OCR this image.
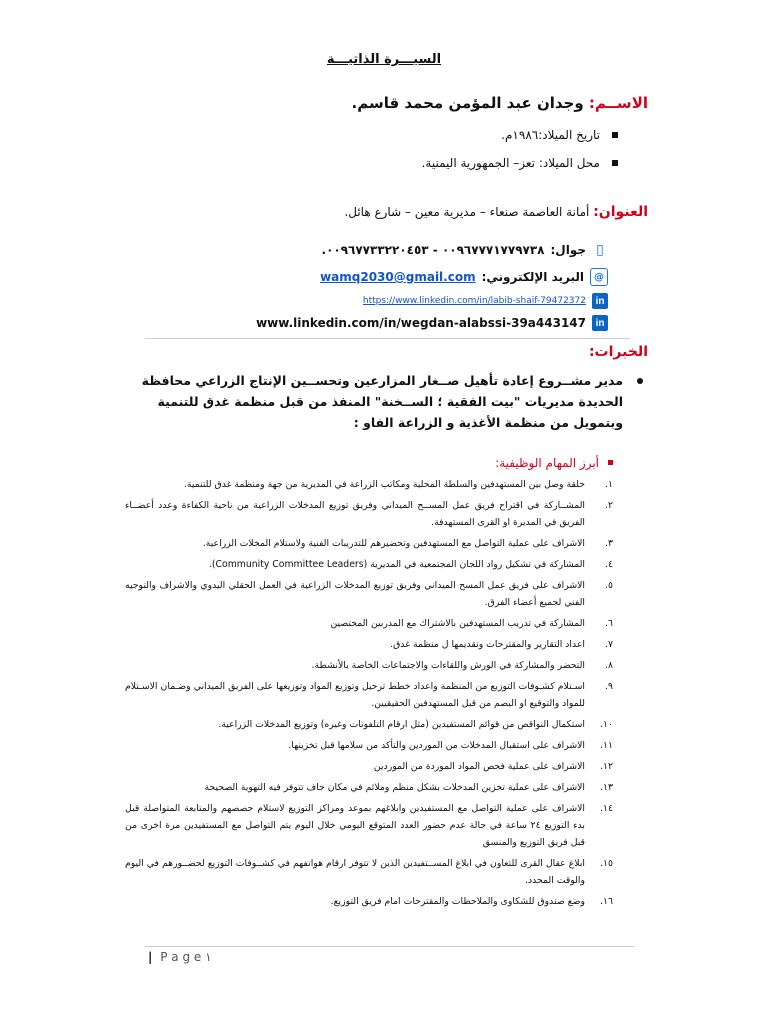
السيـــرة الذاتيـــة
الاســم: وجدان عبد المؤمن محمد قاسم.
تاريخ الميلاد:١٩٨٦م.
محل الميلاد: تعز– الجمهورية اليمنية.
العنوان: أمانة العاصمة صنعاء – مديرية معين – شارع هائل.
▯
جوال:
٠٠٩٦٧٧٧١٧٧٩٧٣٨ - ٠٠٩٦٧٧٣٣٢٢٠٤٥٣.
@
البريد الإلكتروني:
wamq2030@gmail.com
in
https://www.linkedin.com/in/labib-shaif-79472372
in
www.linkedin.com/in/wegdan-alabssi-39a443147
الخبرات:
مدير مشــروع إعادة تأهيل صــغار المزارعين وتحســين الإنتاج الزراعي محافظة الحديدة مديريات "بيت الفقية ؛ الســخنة" المنفذ من قبل منظمة غدق للتنمية وبتمويل من منظمة الأغذية و الزراعة الفاو :
أبرز المهام الوظيفية:
١.
حلقة وصل بين المستهدفين والسلطة المحلية ومكاتب الزراعة في المديرية من جهة ومنظمة غدق للتنمية.
٢.
المشــاركة في اقتراح فريق عمل المســح الميداني وفريق توزيع المدخلات الزراعية من ناحية الكفاءة وعدد أعضــاء الفريق في المديرة او القرى المستهدفة.
٣.
الاشراف على عملية التواصل مع المستهدفين وتحضيرهم للتدريبات الفنية ولاستلام المخلات الزراعية.
٤.
المشاركة في تشكيل رواد اللجان المجتمعية في المديرية (Community Committee Leaders).
٥.
الاشراف على فريق عمل المسح الميداني وفريق توزيع المدخلات الزراعية في العمل الحقلي اليدوي والاشراف والتوجيه الفني لجميع أعضاء الفرق.
٦.
المشاركة في تدريب المستهدفين بالاشتراك مع المدربين المختصين
٧.
اعداد التقارير والمقترحات وتقديمها ل منظمة غدق.
٨.
التحضر والمشاركة في الورش واللقاءات والاجتماعات الخاصة بالأنشطة.
٩.
اسـتلام كشـوفات التوزيع من المنظمة واعداد خطط ترحيل وتوزيع المواد وتوزيعها على الفريق الميداني وضـمان الاسـتلام للمواد والتوقيع او البصم من قبل المستهدفين الحقيقيين.
١٠.
استكمال النواقص من قوائم المستفيدين (مثل ارقام التلفونات وغيره) وتوزيع المدخلات الزراعية.
١١.
الاشراف على استقبال المدخلات من الموردين والتأكد من سلامها قبل تخزينها.
١٢.
الاشراف على عملية فحص المواد الموردة من الموردين
١٣.
الاشراف على عملية تخزين المدخلات بشكل منظم وملائم في مكان جاف تتوفر فيه التهوية الصحيحة
١٤.
الاشراف على عملية التواصل مع المستفيدين وابلاغهم بموعد ومراكز التوزيع لاستلام حصصهم والمتابعة المتواصلة قبل بدء التوزيع ٢٤ ساعة في حالة عدم حضور العدد المتوقع اليومي خلال اليوم يتم التواصل مع المستفيدين مرة اخرى من قبل فريق التوزيع والمنسق
١٥.
ابلاغ عقال القرى للتعاون في ابلاغ المســتفيدين الذين لا تتوفر ارقام هواتفهم في كشــوفات التوزيع لحضــورهم في اليوم والوقت المحدد.
١٦.
وضع صندوق للشكاوى والملاحظات والمقترحات امام فريق التوزيع.
| P a g e ١
